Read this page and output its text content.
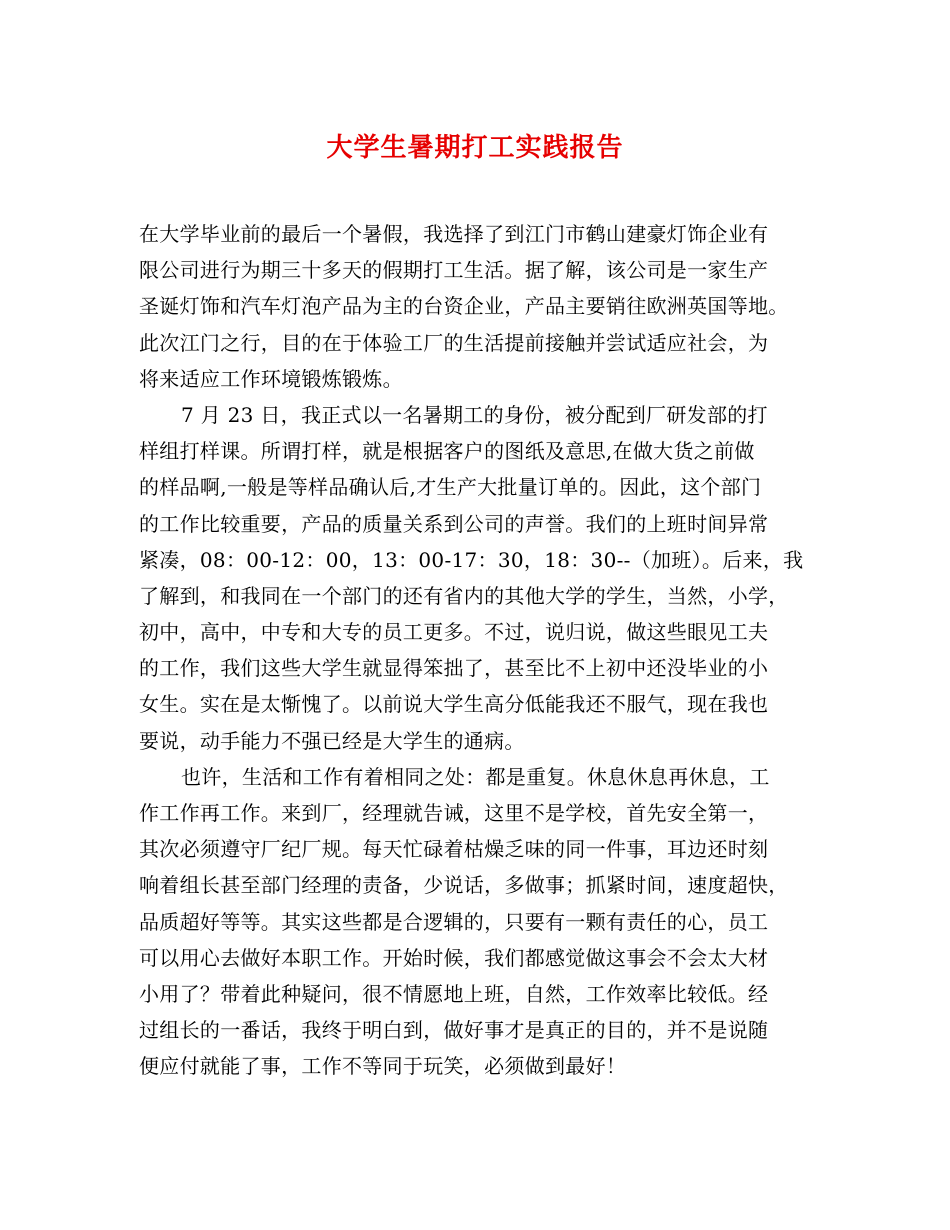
大学生暑期打工实践报告
在大学毕业前的最后一个暑假，我选择了到江门市鹤山建豪灯饰企业有
限公司进行为期三十多天的假期打工生活。据了解，该公司是一家生产
圣诞灯饰和汽车灯泡产品为主的台资企业，产品主要销往欧洲英国等地。
此次江门之行，目的在于体验工厂的生活提前接触并尝试适应社会，为
将来适应工作环境锻炼锻炼。
7 月 23 日，我正式以一名暑期工的身份，被分配到厂研发部的打
样组打样课。所谓打样，就是根据客户的图纸及意思,在做大货之前做
的样品啊,一般是等样品确认后,才生产大批量订单的。因此，这个部门
的工作比较重要，产品的质量关系到公司的声誉。我们的上班时间异常
紧凑，08：00-12：00，13：00-17：30，18：30--（加班）。后来，我
了解到，和我同在一个部门的还有省内的其他大学的学生，当然，小学，
初中，高中，中专和大专的员工更多。不过，说归说，做这些眼见工夫
的工作，我们这些大学生就显得笨拙了，甚至比不上初中还没毕业的小
女生。实在是太惭愧了。以前说大学生高分低能我还不服气，现在我也
要说，动手能力不强已经是大学生的通病。
也许，生活和工作有着相同之处：都是重复。休息休息再休息，工
作工作再工作。来到厂，经理就告诫，这里不是学校，首先安全第一，
其次必须遵守厂纪厂规。每天忙碌着枯燥乏味的同一件事，耳边还时刻
响着组长甚至部门经理的责备，少说话，多做事；抓紧时间，速度超快，
品质超好等等。其实这些都是合逻辑的，只要有一颗有责任的心，员工
可以用心去做好本职工作。开始时候，我们都感觉做这事会不会太大材
小用了？带着此种疑问，很不情愿地上班，自然，工作效率比较低。经
过组长的一番话，我终于明白到，做好事才是真正的目的，并不是说随
便应付就能了事，工作不等同于玩笑，必须做到最好！
